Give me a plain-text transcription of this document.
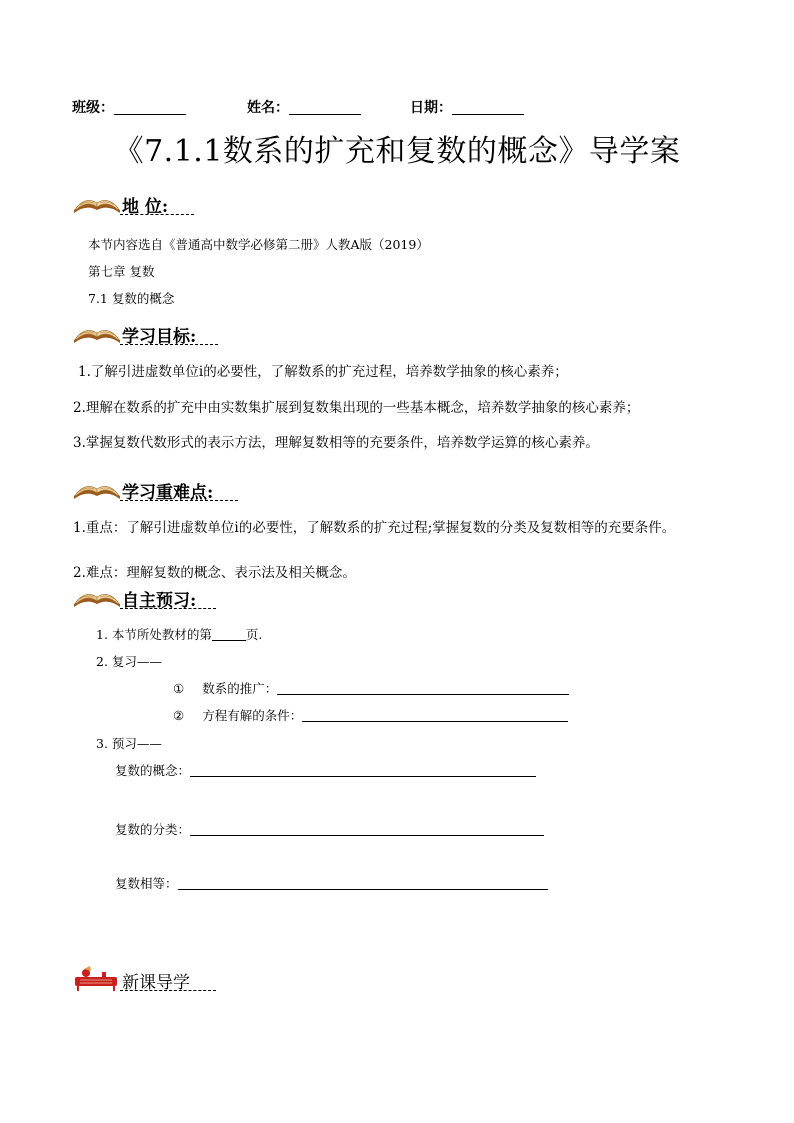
班级：	姓名：	日期：
《7.1.1数系的扩充和复数的概念》导学案
地 位:
本节内容选自《普通高中数学必修第二册》人教A版（2019）
第七章 复数
7.1 复数的概念
学习目标:
1.了解引进虚数单位i的必要性，了解数系的扩充过程，培养数学抽象的核心素养；
2.理解在数系的扩充中由实数集扩展到复数集出现的一些基本概念，培养数学抽象的核心素养；
3.掌握复数代数形式的表示方法，理解复数相等的充要条件，培养数学运算的核心素养。
学习重难点:
1.重点：了解引进虚数单位i的必要性，了解数系的扩充过程;掌握复数的分类及复数相等的充要条件。
2.难点：理解复数的概念、表示法及相关概念。
自主预习:
1. 本节所处教材的第	页.
2. 复习——
① 数系的推广：
② 方程有解的条件：
3. 预习——
复数的概念：
复数的分类：
复数相等：
新课导学
